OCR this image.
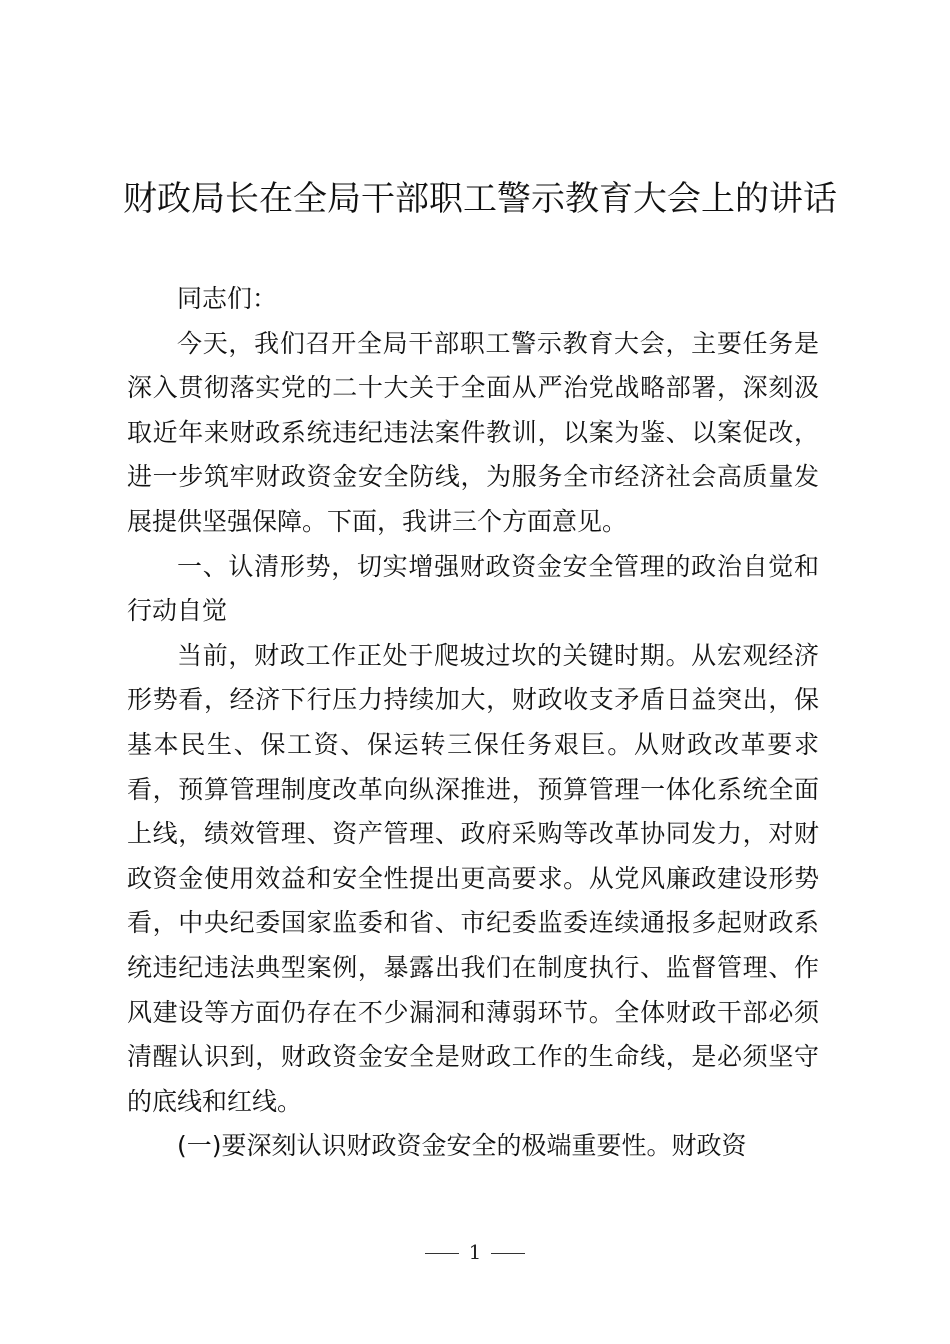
财政局长在全局干部职工警示教育大会上的讲话

同志们：

今天，我们召开全局干部职工警示教育大会，主要任务是深入贯彻落实党的二十大关于全面从严治党战略部署，深刻汲取近年来财政系统违纪违法案件教训，以案为鉴、以案促改，进一步筑牢财政资金安全防线，为服务全市经济社会高质量发展提供坚强保障。下面，我讲三个方面意见。

一、认清形势，切实增强财政资金安全管理的政治自觉和行动自觉

当前，财政工作正处于爬坡过坎的关键时期。从宏观经济形势看，经济下行压力持续加大，财政收支矛盾日益突出，保基本民生、保工资、保运转三保任务艰巨。从财政改革要求看，预算管理制度改革向纵深推进，预算管理一体化系统全面上线，绩效管理、资产管理、政府采购等改革协同发力，对财政资金使用效益和安全性提出更高要求。从党风廉政建设形势看，中央纪委国家监委和省、市纪委监委连续通报多起财政系统违纪违法典型案例，暴露出我们在制度执行、监督管理、作风建设等方面仍存在不少漏洞和薄弱环节。全体财政干部必须清醒认识到，财政资金安全是财政工作的生命线，是必须坚守的底线和红线。

(一)要深刻认识财政资金安全的极端重要性。财政资

1
